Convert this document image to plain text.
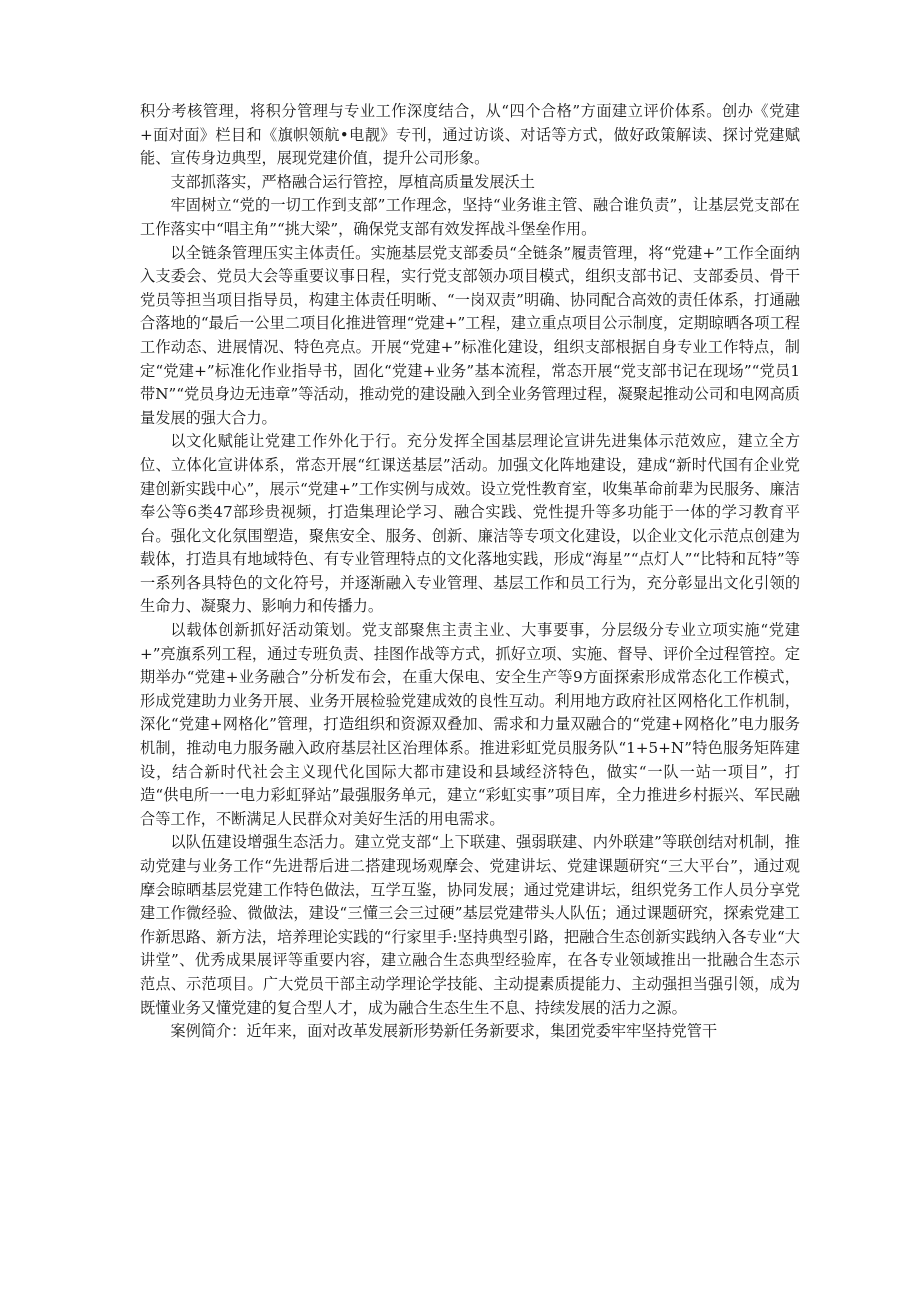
积分考核管理，将积分管理与专业工作深度结合，从“四个合格”方面建立评价体系。创办《党建+面对面》栏目和《旗帜领航•电靓》专刊，通过访谈、对话等方式，做好政策解读、探讨党建赋能、宣传身边典型，展现党建价值，提升公司形象。

支部抓落实，严格融合运行管控，厚植高质量发展沃土

牢固树立“党的一切工作到支部”工作理念，坚持“业务谁主管、融合谁负责”，让基层党支部在工作落实中“唱主角”“挑大梁”，确保党支部有效发挥战斗堡垒作用。

以全链条管理压实主体责任。实施基层党支部委员“全链条”履责管理，将“党建+”工作全面纳入支委会、党员大会等重要议事日程，实行党支部领办项目模式，组织支部书记、支部委员、骨干党员等担当项目指导员，构建主体责任明晰、“一岗双责”明确、协同配合高效的责任体系，打通融合落地的“最后一公里二项目化推进管理“党建+”工程，建立重点项目公示制度，定期晾晒各项工程工作动态、进展情况、特色亮点。开展“党建+”标准化建设，组织支部根据自身专业工作特点，制定“党建+”标准化作业指导书，固化“党建+业务”基本流程，常态开展“党支部书记在现场”“党员1带N”“党员身边无违章”等活动，推动党的建设融入到全业务管理过程，凝聚起推动公司和电网高质量发展的强大合力。

以文化赋能让党建工作外化于行。充分发挥全国基层理论宣讲先进集体示范效应，建立全方位、立体化宣讲体系，常态开展“红课送基层”活动。加强文化阵地建设，建成“新时代国有企业党建创新实践中心”，展示“党建+”工作实例与成效。设立党性教育室，收集革命前辈为民服务、廉洁奉公等6类47部珍贵视频，打造集理论学习、融合实践、党性提升等多功能于一体的学习教育平台。强化文化氛围塑造，聚焦安全、服务、创新、廉洁等专项文化建设，以企业文化示范点创建为载体，打造具有地域特色、有专业管理特点的文化落地实践，形成“海星”“点灯人”“比特和瓦特”等一系列各具特色的文化符号，并逐渐融入专业管理、基层工作和员工行为，充分彰显出文化引领的生命力、凝聚力、影响力和传播力。

以载体创新抓好活动策划。党支部聚焦主责主业、大事要事，分层级分专业立项实施“党建+”亮旗系列工程，通过专班负责、挂图作战等方式，抓好立项、实施、督导、评价全过程管控。定期举办“党建+业务融合”分析发布会，在重大保电、安全生产等9方面探索形成常态化工作模式，形成党建助力业务开展、业务开展检验党建成效的良性互动。利用地方政府社区网格化工作机制，深化“党建+网格化”管理，打造组织和资源双叠加、需求和力量双融合的“党建+网格化”电力服务机制，推动电力服务融入政府基层社区治理体系。推进彩虹党员服务队“1+5+N”特色服务矩阵建设，结合新时代社会主义现代化国际大都市建设和县域经济特色，做实“一队一站一项目”，打造“供电所一一电力彩虹驿站”最强服务单元，建立“彩虹实事”项目库，全力推进乡村振兴、军民融合等工作，不断满足人民群众对美好生活的用电需求。

以队伍建设增强生态活力。建立党支部“上下联建、强弱联建、内外联建”等联创结对机制，推动党建与业务工作“先进帮后进二搭建现场观摩会、党建讲坛、党建课题研究“三大平台”，通过观摩会晾晒基层党建工作特色做法，互学互鉴，协同发展；通过党建讲坛，组织党务工作人员分享党建工作微经验、微做法，建设“三懂三会三过硬”基层党建带头人队伍；通过课题研究，探索党建工作新思路、新方法，培养理论实践的“行家里手:坚持典型引路，把融合生态创新实践纳入各专业“大讲堂”、优秀成果展评等重要内容，建立融合生态典型经验库，在各专业领域推出一批融合生态示范点、示范项目。广大党员干部主动学理论学技能、主动提素质提能力、主动强担当强引领，成为既懂业务又懂党建的复合型人才，成为融合生态生生不息、持续发展的活力之源。

案例简介：近年来，面对改革发展新形势新任务新要求，集团党委牢牢坚持党管干
